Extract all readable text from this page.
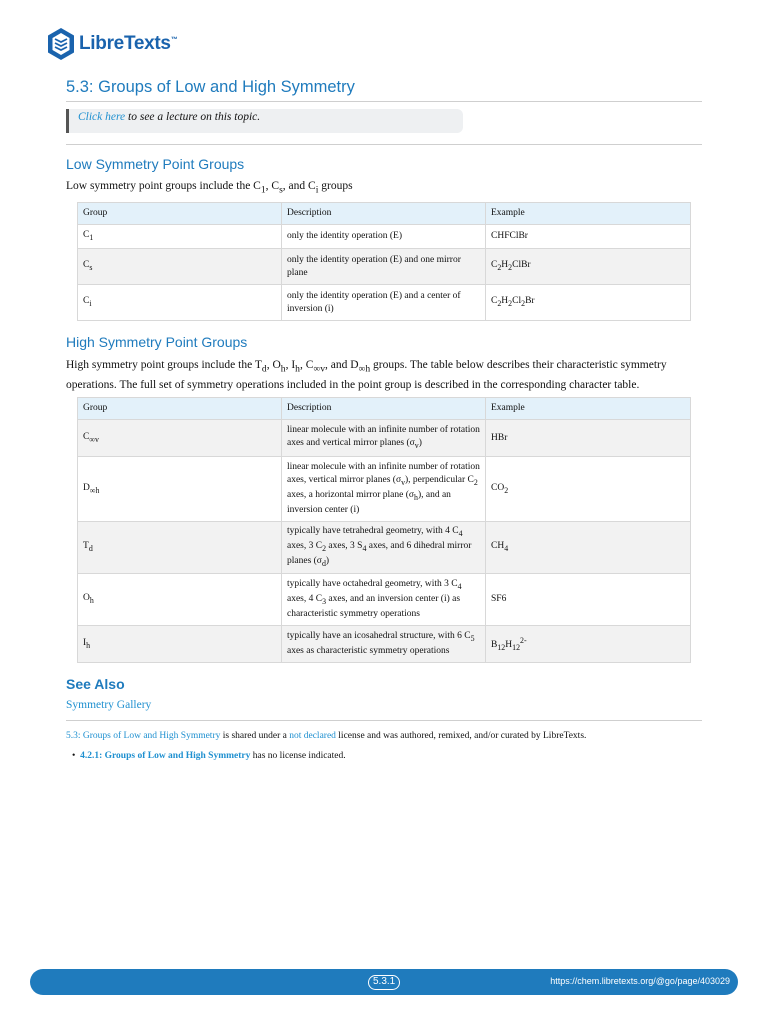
LibreTexts™
5.3: Groups of Low and High Symmetry
Click here to see a lecture on this topic.
Low Symmetry Point Groups

Low symmetry point groups include the $C_1$, $C_s$, and $C_i$ groups

Group	Description	Example
$C_1$	only the identity operation (E)	CHFClBr
$C_s$	only the identity operation (E) and one mirror plane	$C_2H_2ClBr$
$C_i$	only the identity operation (E) and a center of inversion (i)	$C_2H_2Cl_2Br$
High Symmetry Point Groups

High symmetry point groups include the $T_d$, $O_h$, $I_h$, $C_{\infty v}$, and $D_{\infty h}$ groups. The table below describes their characteristic symmetry operations. The full set of symmetry operations included in the point group is described in the corresponding character table.

Group	Description	Example
$C_{\infty v}$	linear molecule with an infinite number of rotation axes and vertical mirror planes $(\sigma_v)$	HBr
$D_{\infty h}$	linear molecule with an infinite number of rotation axes, vertical mirror planes $(\sigma_v)$, perpendicular $C_2$ axes, a horizontal mirror plane $(\sigma_h)$, and an inversion center (i)	$CO_2$
$T_d$	typically have tetrahedral geometry, with 4 $C_4$ axes, 3 $C_2$ axes, 3 $S_4$ axes, and 6 dihedral mirror planes $(\sigma_d)$	$CH_4$
$O_h$	typically have octahedral geometry, with 3 $C_4$ axes, 4 $C_3$ axes, and an inversion center (i) as characteristic symmetry operations	SF6
$I_h$	typically have an icosahedral structure, with 6 $C_5$ axes as characteristic symmetry operations	$B_{12}H_{12}^{2-}$
See Also
Symmetry Gallery

5.3: Groups of Low and High Symmetry is shared under a not declared license and was authored, remixed, and/or curated by LibreTexts.

•  4.2.1: Groups of Low and High Symmetry has no license indicated.

5.3.1	https://chem.libretexts.org/@go/page/403029
